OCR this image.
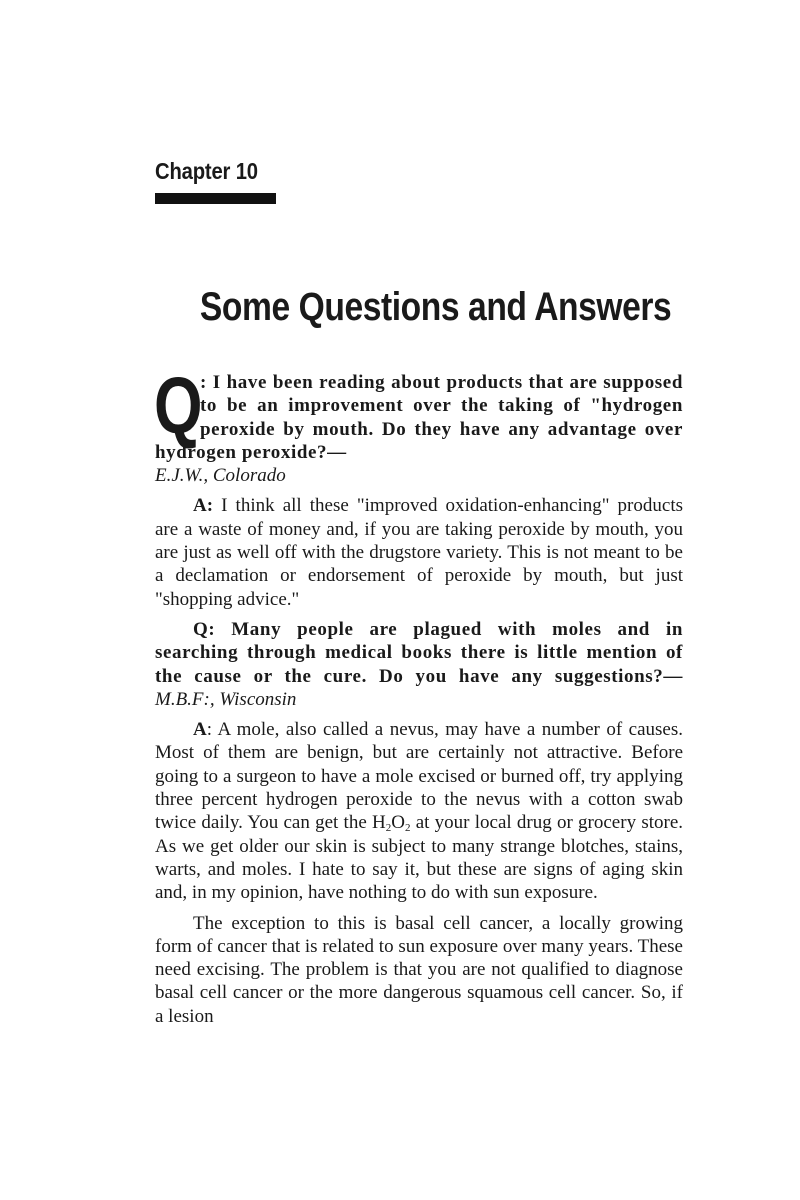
Chapter 10
Some Questions and Answers

Q
: I have been reading about products that are supposed to be an improvement over the taking of "hydrogen peroxide by mouth. Do they have any advantage over hydrogen peroxide?—
E.J.W., Colorado

A: I think all these "improved oxidation-enhancing" products are a waste of money and, if you are taking peroxide by mouth, you are just as well off with the drugstore variety. This is not meant to be a declamation or endorsement of peroxide by mouth, but just "shopping advice."

Q: Many people are plagued with moles and in searching through medical books there is little mention of the cause or the cure. Do you have any suggestions?— M.B.F:, Wisconsin

A: A mole, also called a nevus, may have a number of causes. Most of them are benign, but are certainly not attractive. Before going to a surgeon to have a mole excised or burned off, try applying three percent hydrogen peroxide to the nevus with a cotton swab twice daily. You can get the $H_2O_2$ at your local drug or grocery store. As we get older our skin is subject to many strange blotches, stains, warts, and moles. I hate to say it, but these are signs of aging skin and, in my opinion, have nothing to do with sun exposure.

The exception to this is basal cell cancer, a locally growing form of cancer that is related to sun exposure over many years. These need excising. The problem is that you are not qualified to diagnose basal cell cancer or the more dangerous squamous cell cancer. So, if a lesion
